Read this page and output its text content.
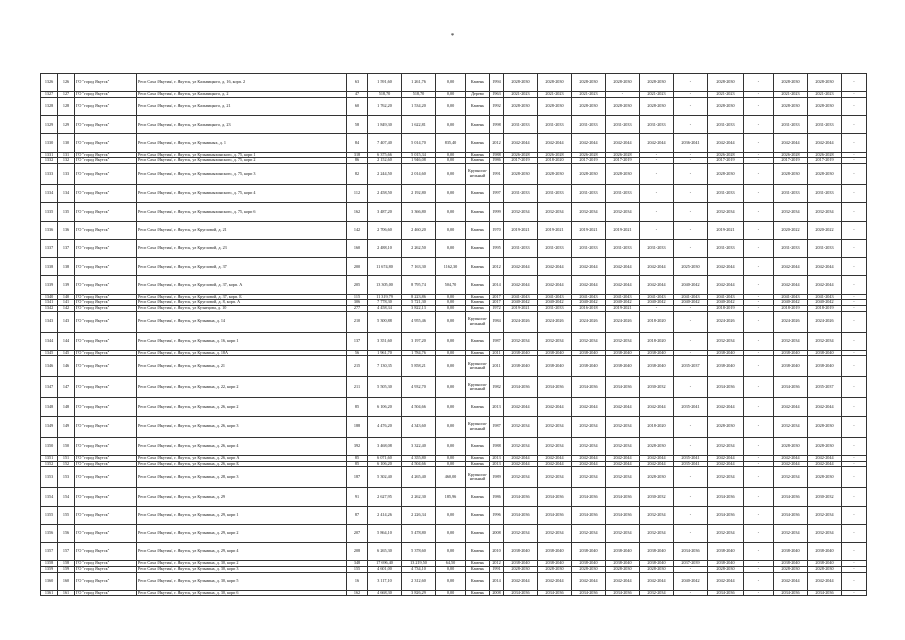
*
1326	126	ГО "город Якутск"	Респ Саха /Якутия/, г. Якутск, ул Кальвицкого, д. 16, корп. 2	63	1 591,60	1 261,76	0,00	Камень	1994	2028-2030	2028-2030	2028-2030	2028-2030	2028-2030	-	2028-2030	-	2028-2030	2028-2030	-
1327	127	ГО "город Якутск"	Респ Саха /Якутия/, г. Якутск, ул Кальвицкого, д. 2	47	518,70	518,70	0,00	Дерево	1963	2021-2023	2021-2023	2021-2023	-	2021-2023	-	2021-2023	-	2021-2023	2021-2023	-
1328	128	ГО "город Якутск"	Респ Саха /Якутия/, г. Якутск, ул Кальвицкого, д. 21	60	1 762,20	1 534,20	0,00	Камень	1992	2028-2030	2028-2030	2028-2030	2028-2030	2028-2030	-	2028-2030	-	2028-2030	2028-2030	-
1329	129	ГО "город Якутск"	Респ Саха /Якутия/, г. Якутск, ул Кальвицкого, д. 23	58	1 849,30	1 622,81	0,00	Камень	1998	2031-2033	2031-2033	2031-2033	2031-2033	2031-2033	-	2031-2033	-	2031-2033	2031-2033	-
1330	130	ГО "город Якутск"	Респ Саха /Якутия/, г. Якутск, ул Кузьминых, д. 1	84	7 407,40	5 014,70	835,40	Камень	2012	2042-2044	2042-2044	2042-2044	2042-2044	2042-2044	2036-2041	2042-2044	-	2042-2044	2042-2044	-
1331	131	ГО "город Якутск"	Респ Саха /Якутия/, г. Якутск, ул Кузьминыхинского, д. 75, корп 1	318	6 375,66	5 015,34	0,00	Камень	1988	2026-2028	2026-2028	2026-2028	2026-2028	-	-	2026-2028	-	2026-2028	2026-2028	-
1332	132	ГО "город Якутск"	Респ Саха /Якутия/, г. Якутск, ул Кузьминыхинского, д. 75, корп 2	86	2 152,60	1 946,08	0,00	Камень	1986	2017-2019	2018-2020	2017-2019	2017-2019	-	-	2017-2019	-	2017-2019	2017-2019	-
1333	133	ГО "город Якутск"	Респ Саха /Якутия/, г. Якутск, ул Кузьминыхинского, д. 75, корп 3	82	2 244,50	2 014,60	0,00	Крупнопа-нельный	1991	2028-2030	2028-2030	2028-2030	2028-2030	-	-	2028-2030	-	2028-2030	2028-2030	-
1334	134	ГО "город Якутск"	Респ Саха /Якутия/, г. Якутск, ул Кузьминыхинского, д. 75, корп 4	112	2 458,50	2 192,80	0,00	Камень	1997	2031-2033	2031-2033	2031-2033	2031-2033	-	-	2031-2033	-	2031-2033	2031-2033	-
1335	135	ГО "город Якутск"	Респ Саха /Якутия/, г. Якутск, ул Кузьминыхинского, д. 75, корп 6	162	3 487,20	3 366,80	0,00	Камень	1999	2032-2034	2032-2034	2032-2034	2032-2034	-	-	2032-2034	-	2032-2034	2032-2034	-
1336	136	ГО "город Якутск"	Респ Саха /Якутия/, г. Якутск, ул Кругловой, д. 21	142	2 706,60	2 460,20	0,00	Камень	1970	2019-2021	2019-2021	2019-2021	2019-2021	-	-	2019-2021	-	2020-2022	2020-2022	-
1337	137	ГО "город Якутск"	Респ Саха /Якутия/, г. Якутск, ул Кругловой, д. 23	160	2 488,10	2 262,50	0,00	Камень	1995	2031-2033	2031-2033	2031-2033	2031-2033	2031-2033	-	2031-2033	-	2031-2033	2031-2033	-
1338	138	ГО "город Якутск"	Респ Саха /Якутия/, г. Якутск, ул Кругловой, д. 37	200	11 674,80	7 163,30	1162,30	Камень	2012	2042-2044	2042-2044	2042-2044	2042-2044	2042-2044	2025-2030	2042-2044	-	2042-2044	2042-2044	-
1339	139	ГО "город Якутск"	Респ Саха /Якутия/, г. Якутск, ул Кругловой, д. 37, корп. А	205	13 305,00	8 795,74	504,70	Камень	2014	2042-2044	2042-2044	2042-2044	2042-2044	2042-2044	2040-2042	2042-2044	-	2042-2044	2042-2044	-
1340	140	ГО "город Якутск"	Респ Саха /Якутия/, г. Якутск, ул Кругловой, д. 37, корп. Б	115	11 319,79	8 223,86	0,00	Камень	2017	2041-2043	2041-2043	2041-2043	2041-2043	2041-2043	2041-2043	2041-2043	-	2041-2043	2041-2043	-
1341	141	ГО "город Якутск"	Респ Саха /Якутия/, г. Якутск, ул Кругловой, д. 8, корп. А	306	7 778,30	5 721,30	0,00	Камень	2017	2040-2042	2040-2042	2040-2042	2040-2042	2040-2042	2040-2042	2040-2042	-	2040-2042	2040-2042	-
1342	142	ГО "город Якутск"	Респ Саха /Якутия/, г. Якутск, ул Кузнецова, д. 10	277	4 458,34	3 822,13	0,00	Камень	1972	2019-2021	2031-2033	2016-2018	2019-2021	-	-	2018-2019	-	2018-2019	2018-2019	-
1343	143	ГО "город Якутск"	Респ Саха /Якутия/, г. Якутск, ул Кузьмина, д. 14	210	5 300,88	4 955,46	0,00	Крупнопа-нельный	1984	2024-2026	2024-2026	2024-2026	2024-2026	2018-2020	-	2024-2026	-	2024-2026	2024-2026	-
1344	144	ГО "город Якутск"	Респ Саха /Якутия/, г. Якутск, ул Кузьмина, д. 16, корп 1	137	3 351,60	3 197,20	0,00	Камень	1987	2032-2034	2032-2034	2032-2034	2032-2034	2018-2020	-	2032-2034	-	2032-2034	2032-2034	-
1345	145	ГО "город Якутск"	Респ Саха /Якутия/, г. Якутск, ул Кузьмина, д. 18А	56	1 961,70	1 784,76	0,00	Камень	2011	2038-2040	2038-2040	2038-2040	2038-2040	2038-2040	-	2038-2040	-	2038-2040	2038-2040	-
1346	146	ГО "город Якутск"	Респ Саха /Якутия/, г. Якутск, ул Кузьмина, д. 21	215	7 130,35	5 858,21	0,00	Крупнопа-нельный	2011	2038-2040	2038-2040	2038-2040	2038-2040	2038-2040	2035-2037	2038-2040	-	2038-2040	2038-2040	-
1347	147	ГО "город Якутск"	Респ Саха /Якутия/, г. Якутск, ул Кузьмина, д. 22, корп 2	211	5 505,30	4 932,70	0,00	Крупнопа-нельный	1982	2034-2036	2034-2036	2034-2036	2034-2036	2030-2032	-	2034-2036	-	2034-2036	2035-2037	-
1348	148	ГО "город Якутск"	Респ Саха /Якутия/, г. Якутск, ул Кузьмина, д. 26, корп 2	85	6 106,20	4 504,66	0,00	Камень	2013	2042-2044	2042-2044	2042-2044	2042-2044	2042-2044	2035-2041	2042-2044	-	2042-2044	2042-2044	-
1349	149	ГО "город Якутск"	Респ Саха /Якутия/, г. Якутск, ул Кузьмина, д. 26, корп 3	188	4 476,20	4 343,60	0,00	Крупнопа-нельный	1987	2032-2034	2032-2034	2032-2034	2032-2034	2018-2020	-	2028-2030	-	2032-2034	2028-2030	-
1350	150	ГО "город Якутск"	Респ Саха /Якутия/, г. Якутск, ул Кузьмина, д. 26, корп 4	392	3 468,08	3 322,40	0,00	Камень	1988	2032-2034	2032-2034	2032-2034	2032-2034	2028-2030	-	2032-2034	-	2028-2030	2028-2030	-
1351	151	ГО "город Якутск"	Респ Саха /Якутия/, г. Якутск, ул Кузьмина, д. 26, корп А	85	6 071,60	4 355,80	0,00	Камень	2013	2042-2044	2042-2044	2042-2044	2042-2044	2042-2044	2035-2041	2042-2044	-	2042-2044	2042-2044	-
1352	152	ГО "город Якутск"	Респ Саха /Якутия/, г. Якутск, ул Кузьмина, д. 26, корп Б	85	6 106,20	4 504,66	0,00	Камень	2013	2042-2044	2042-2044	2042-2044	2042-2044	2042-2044	2035-2041	2042-2044	-	2042-2044	2042-2044	-
1353	153	ГО "город Якутск"	Респ Саха /Якутия/, г. Якутск, ул Кузьмина, д. 28, корп 3	187	5 302,40	4 265,40	460,00	Крупнопа-нельный	1989	2032-2034	2032-2034	2032-2034	2032-2034	2028-2030	-	2032-2034	-	2032-2034	2028-2030	-
1354	154	ГО "город Якутск"	Респ Саха /Якутия/, г. Якутск, ул Кузьмина, д. 29	91	2 627,95	2 262,30	185,96	Камень	1986	2034-2036	2034-2036	2034-2036	2034-2036	2030-2032	-	2034-2036	-	2034-2036	2030-2032	-
1355	155	ГО "город Якутск"	Респ Саха /Якутия/, г. Якутск, ул Кузьмина, д. 29, корп 1	87	2 414,26	2 226,34	0,00	Камень	1996	2034-2036	2034-2036	2034-2036	2034-2036	2032-2034	-	2034-2036	-	2034-2036	2032-2034	-
1356	156	ГО "город Якутск"	Респ Саха /Якутия/, г. Якутск, ул Кузьмина, д. 29, корп 2	207	5 864,10	5 478,80	0,00	Камень	2008	2032-2034	2032-2034	2032-2034	2032-2034	2032-2034	-	2032-2034	-	2032-2034	2032-2034	-
1357	157	ГО "город Якутск"	Респ Саха /Якутия/, г. Якутск, ул Кузьмина, д. 29, корп 4	208	6 265,30	5 378,60	0,00	Камень	2010	2038-2040	2038-2040	2038-2040	2038-2040	2038-2040	2034-2036	2038-2040	-	2038-2040	2038-2040	-
1358	158	ГО "город Якутск"	Респ Саха /Якутия/, г. Якутск, ул Кузьмина, д. 30, корп 2	348	17 696,40	13 219,50	64,50	Камень	2012	2038-2040	2038-2040	2038-2040	2038-2040	2038-2040	2037-2039	2038-2040	-	2038-2040	2038-2040	-
1359	159	ГО "город Якутск"	Респ Саха /Якутия/, г. Якутск, ул Кузьмина, д. 30, корп 3	155	4 601,00	4 734,10	0,00	Камень	1991	2028-2030	2028-2030	2028-2030	2028-2030	2028-2030	-	2028-2030	-	2028-2030	2028-2030	-
1360	160	ГО "город Якутск"	Респ Саха /Якутия/, г. Якутск, ул Кузьмина, д. 30, корп 5	16	3 117,10	2 312,60	0,00	Камень	2014	2042-2044	2042-2044	2042-2044	2042-2044	2042-2044	2040-2042	2042-2044	-	2042-2044	2042-2044	-
1361	161	ГО "город Якутск"	Респ Саха /Якутия/, г. Якутск, ул Кузьмина, д. 30, корп 6	162	4 668,30	3 826,29	0,00	Камень	2008	2034-2036	2034-2036	2034-2036	2034-2036	2032-2034	-	2034-2036	-	2034-2036	2034-2036	-
